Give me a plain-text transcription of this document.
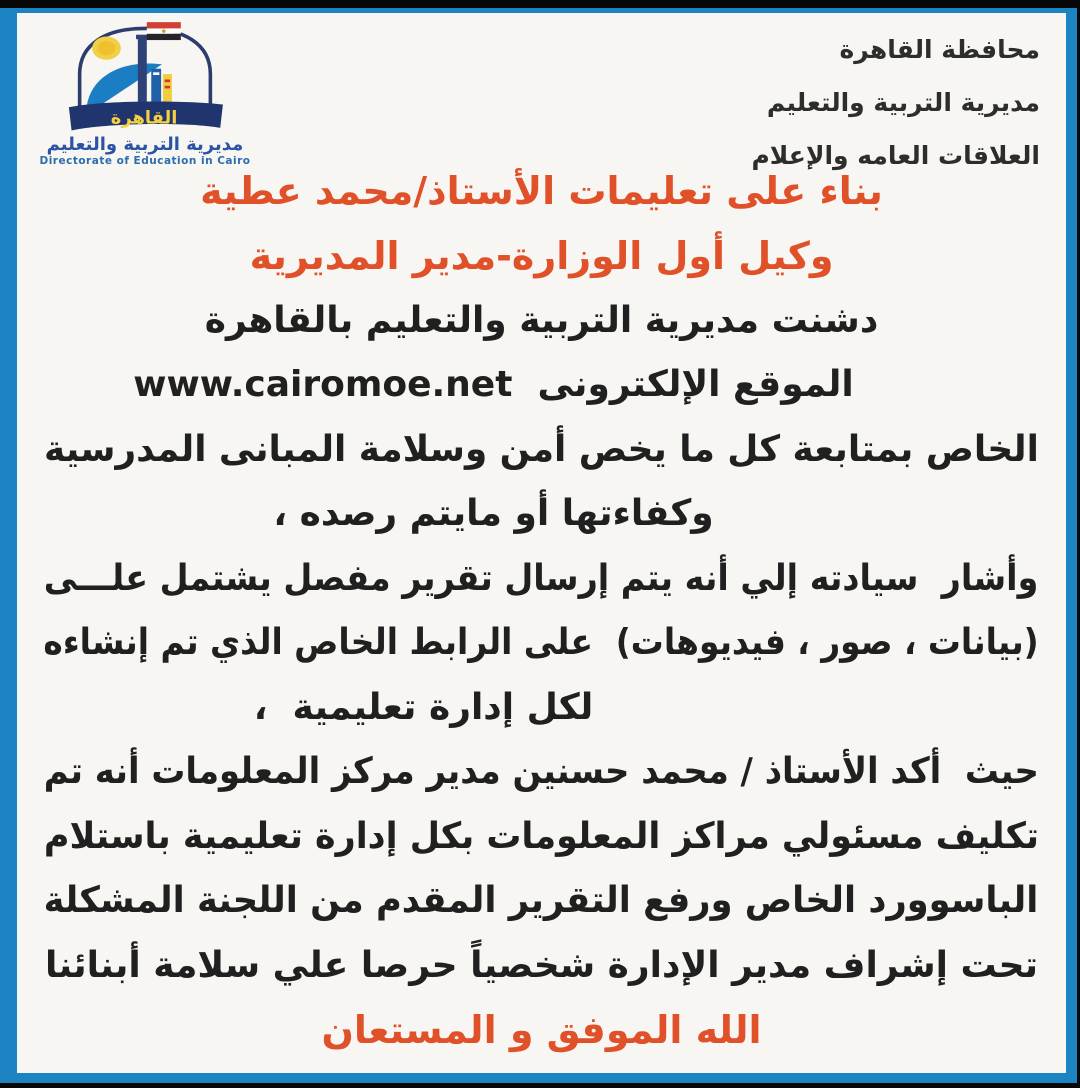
محافظة القاهرة
مديرية التربية والتعليم
العلاقات العامه والإعلام
القاهرة
مديرية التربية والتعليم
Directorate of Education in Cairo
بناء على تعليمات الأستاذ/محمد عطية
وكيل أول الوزارة-مدير المديرية
دشنت مديرية التربية والتعليم بالقاهرة
الموقع الإلكترونى  www.cairomoe.net
الخاص بمتابعة كل ما يخص أمن وسلامة المبانى المدرسية
وكفاءتها أو مايتم رصده ،
وأشار  سيادته إلي أنه يتم إرسال تقرير مفصل يشتمل علـــى
(بيانات ، صور ، فيديوهات)  على الرابط الخاص الذي تم إنشاءه
لكل إدارة تعليمية  ،
حيث  أكد الأستاذ / محمد حسنين مدير مركز المعلومات أنه تم
تكليف مسئولي مراكز المعلومات بكل إدارة تعليمية باستلام
الباسوورد الخاص ورفع التقرير المقدم من اللجنة المشكلة
تحت إشراف مدير الإدارة شخصياً حرصا علي سلامة أبنائنا
الله الموفق و المستعان
